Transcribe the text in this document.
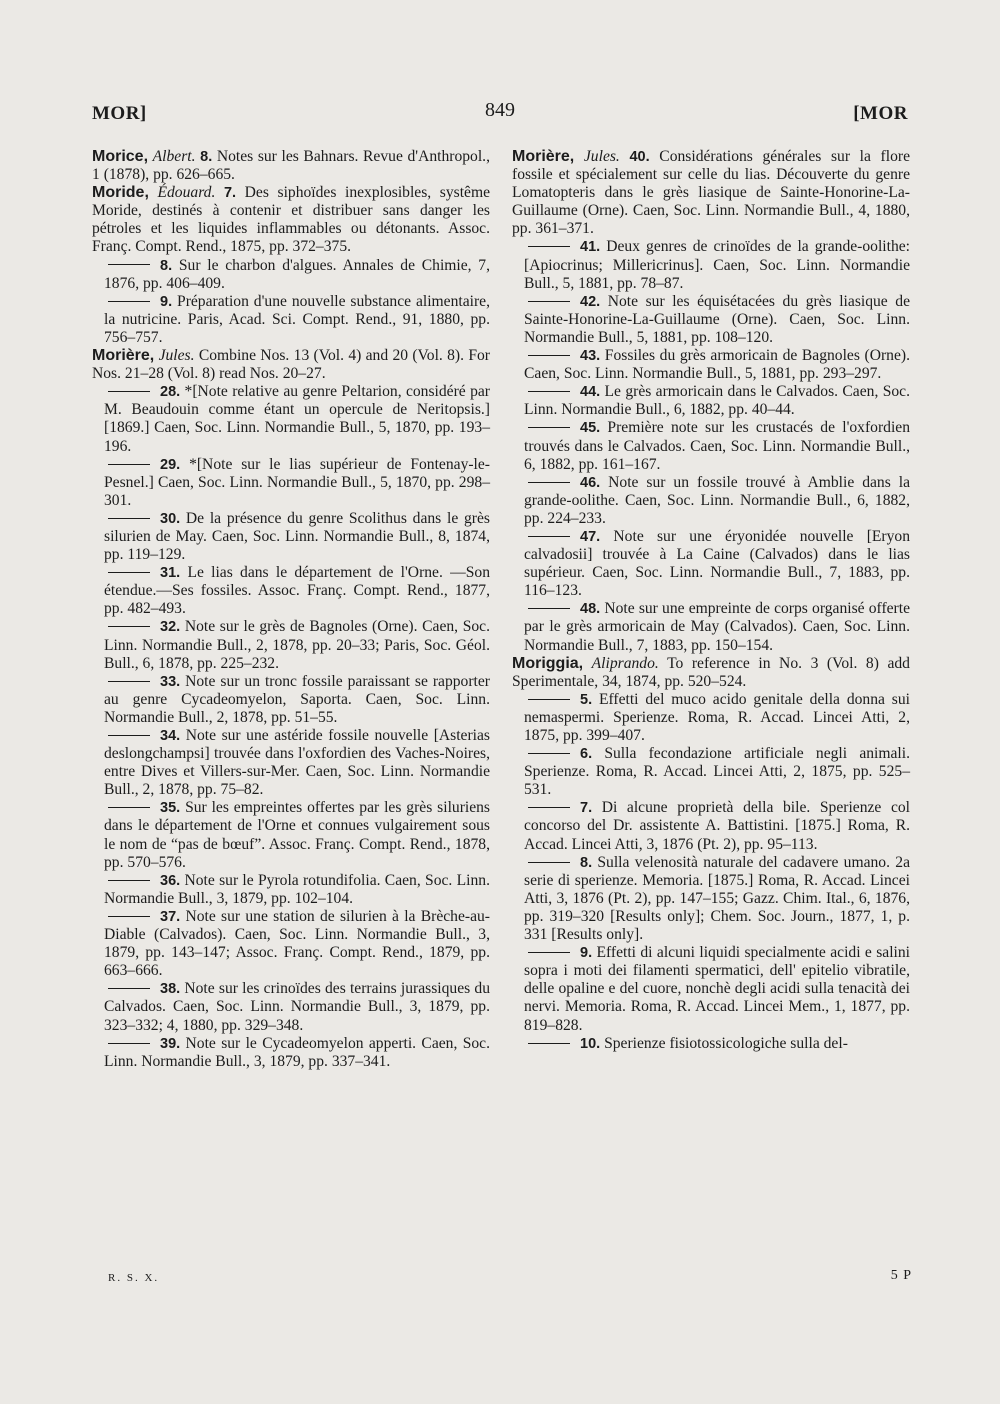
MOR]	849	[MOR

Morice, Albert. 8. Notes sur les Bahnars. Revue d'Anthropol., 1 (1878), pp. 626–665.

Moride, Édouard. 7. Des siphoïdes inexplosibles, systême Moride, destinés à contenir et distribuer sans danger les pétroles et les liquides inflammables ou détonants. Assoc. Franç. Compt. Rend., 1875, pp. 372–375.

8. Sur le charbon d'algues. Annales de Chimie, 7, 1876, pp. 406–409.

9. Préparation d'une nouvelle substance alimentaire, la nutricine. Paris, Acad. Sci. Compt. Rend., 91, 1880, pp. 756–757.

Morière, Jules. Combine Nos. 13 (Vol. 4) and 20 (Vol. 8). For Nos. 21–28 (Vol. 8) read Nos. 20–27.

28. *[Note relative au genre Peltarion, considéré par M. Beaudouin comme étant un opercule de Neritopsis.] [1869.] Caen, Soc. Linn. Normandie Bull., 5, 1870, pp. 193–196.

29. *[Note sur le lias supérieur de Fontenay-le-Pesnel.] Caen, Soc. Linn. Normandie Bull., 5, 1870, pp. 298–301.

30. De la présence du genre Scolithus dans le grès silurien de May. Caen, Soc. Linn. Normandie Bull., 8, 1874, pp. 119–129.

31. Le lias dans le département de l'Orne. —Son étendue.—Ses fossiles. Assoc. Franç. Compt. Rend., 1877, pp. 482–493.

32. Note sur le grès de Bagnoles (Orne). Caen, Soc. Linn. Normandie Bull., 2, 1878, pp. 20–33; Paris, Soc. Géol. Bull., 6, 1878, pp. 225–232.

33. Note sur un tronc fossile paraissant se rapporter au genre Cycadeomyelon, Saporta. Caen, Soc. Linn. Normandie Bull., 2, 1878, pp. 51–55.

34. Note sur une astéride fossile nouvelle [Asterias deslongchampsi] trouvée dans l'oxfordien des Vaches-Noires, entre Dives et Villers-sur-Mer. Caen, Soc. Linn. Normandie Bull., 2, 1878, pp. 75–82.

35. Sur les empreintes offertes par les grès siluriens dans le département de l'Orne et connues vulgairement sous le nom de “pas de bœuf”. Assoc. Franç. Compt. Rend., 1878, pp. 570–576.

36. Note sur le Pyrola rotundifolia. Caen, Soc. Linn. Normandie Bull., 3, 1879, pp. 102–104.

37. Note sur une station de silurien à la Brèche-au-Diable (Calvados). Caen, Soc. Linn. Normandie Bull., 3, 1879, pp. 143–147; Assoc. Franç. Compt. Rend., 1879, pp. 663–666.

38. Note sur les crinoïdes des terrains jurassiques du Calvados. Caen, Soc. Linn. Normandie Bull., 3, 1879, pp. 323–332; 4, 1880, pp. 329–348.

39. Note sur le Cycadeomyelon apperti. Caen, Soc. Linn. Normandie Bull., 3, 1879, pp. 337–341.

Morière, Jules. 40. Considérations générales sur la flore fossile et spécialement sur celle du lias. Découverte du genre Lomatopteris dans le grès liasique de Sainte-Honorine-La-Guillaume (Orne). Caen, Soc. Linn. Normandie Bull., 4, 1880, pp. 361–371.

41. Deux genres de crinoïdes de la grande-oolithe: [Apiocrinus; Millericrinus]. Caen, Soc. Linn. Normandie Bull., 5, 1881, pp. 78–87.

42. Note sur les équisétacées du grès liasique de Sainte-Honorine-La-Guillaume (Orne). Caen, Soc. Linn. Normandie Bull., 5, 1881, pp. 108–120.

43. Fossiles du grès armoricain de Bagnoles (Orne). Caen, Soc. Linn. Normandie Bull., 5, 1881, pp. 293–297.

44. Le grès armoricain dans le Calvados. Caen, Soc. Linn. Normandie Bull., 6, 1882, pp. 40–44.

45. Première note sur les crustacés de l'oxfordien trouvés dans le Calvados. Caen, Soc. Linn. Normandie Bull., 6, 1882, pp. 161–167.

46. Note sur un fossile trouvé à Amblie dans la grande-oolithe. Caen, Soc. Linn. Normandie Bull., 6, 1882, pp. 224–233.

47. Note sur une éryonidée nouvelle [Eryon calvadosii] trouvée à La Caine (Calvados) dans le lias supérieur. Caen, Soc. Linn. Normandie Bull., 7, 1883, pp. 116–123.

48. Note sur une empreinte de corps organisé offerte par le grès armoricain de May (Calvados). Caen, Soc. Linn. Normandie Bull., 7, 1883, pp. 150–154.

Moriggia, Aliprando. To reference in No. 3 (Vol. 8) add Sperimentale, 34, 1874, pp. 520–524.

5. Effetti del muco acido genitale della donna sui nemaspermi. Sperienze. Roma, R. Accad. Lincei Atti, 2, 1875, pp. 399–407.

6. Sulla fecondazione artificiale negli animali. Sperienze. Roma, R. Accad. Lincei Atti, 2, 1875, pp. 525–531.

7. Di alcune proprietà della bile. Sperienze col concorso del Dr. assistente A. Battistini. [1875.] Roma, R. Accad. Lincei Atti, 3, 1876 (Pt. 2), pp. 95–113.

8. Sulla velenosità naturale del cadavere umano. 2a serie di sperienze. Memoria. [1875.] Roma, R. Accad. Lincei Atti, 3, 1876 (Pt. 2), pp. 147–155; Gazz. Chim. Ital., 6, 1876, pp. 319–320 [Results only]; Chem. Soc. Journ., 1877, 1, p. 331 [Results only].

9. Effetti di alcuni liquidi specialmente acidi e salini sopra i moti dei filamenti spermatici, dell' epitelio vibratile, delle opaline e del cuore, nonchè degli acidi sulla tenacità dei nervi. Memoria. Roma, R. Accad. Lincei Mem., 1, 1877, pp. 819–828.

10. Sperienze fisiotossicologiche sulla del-

R. S. X.	5 P
